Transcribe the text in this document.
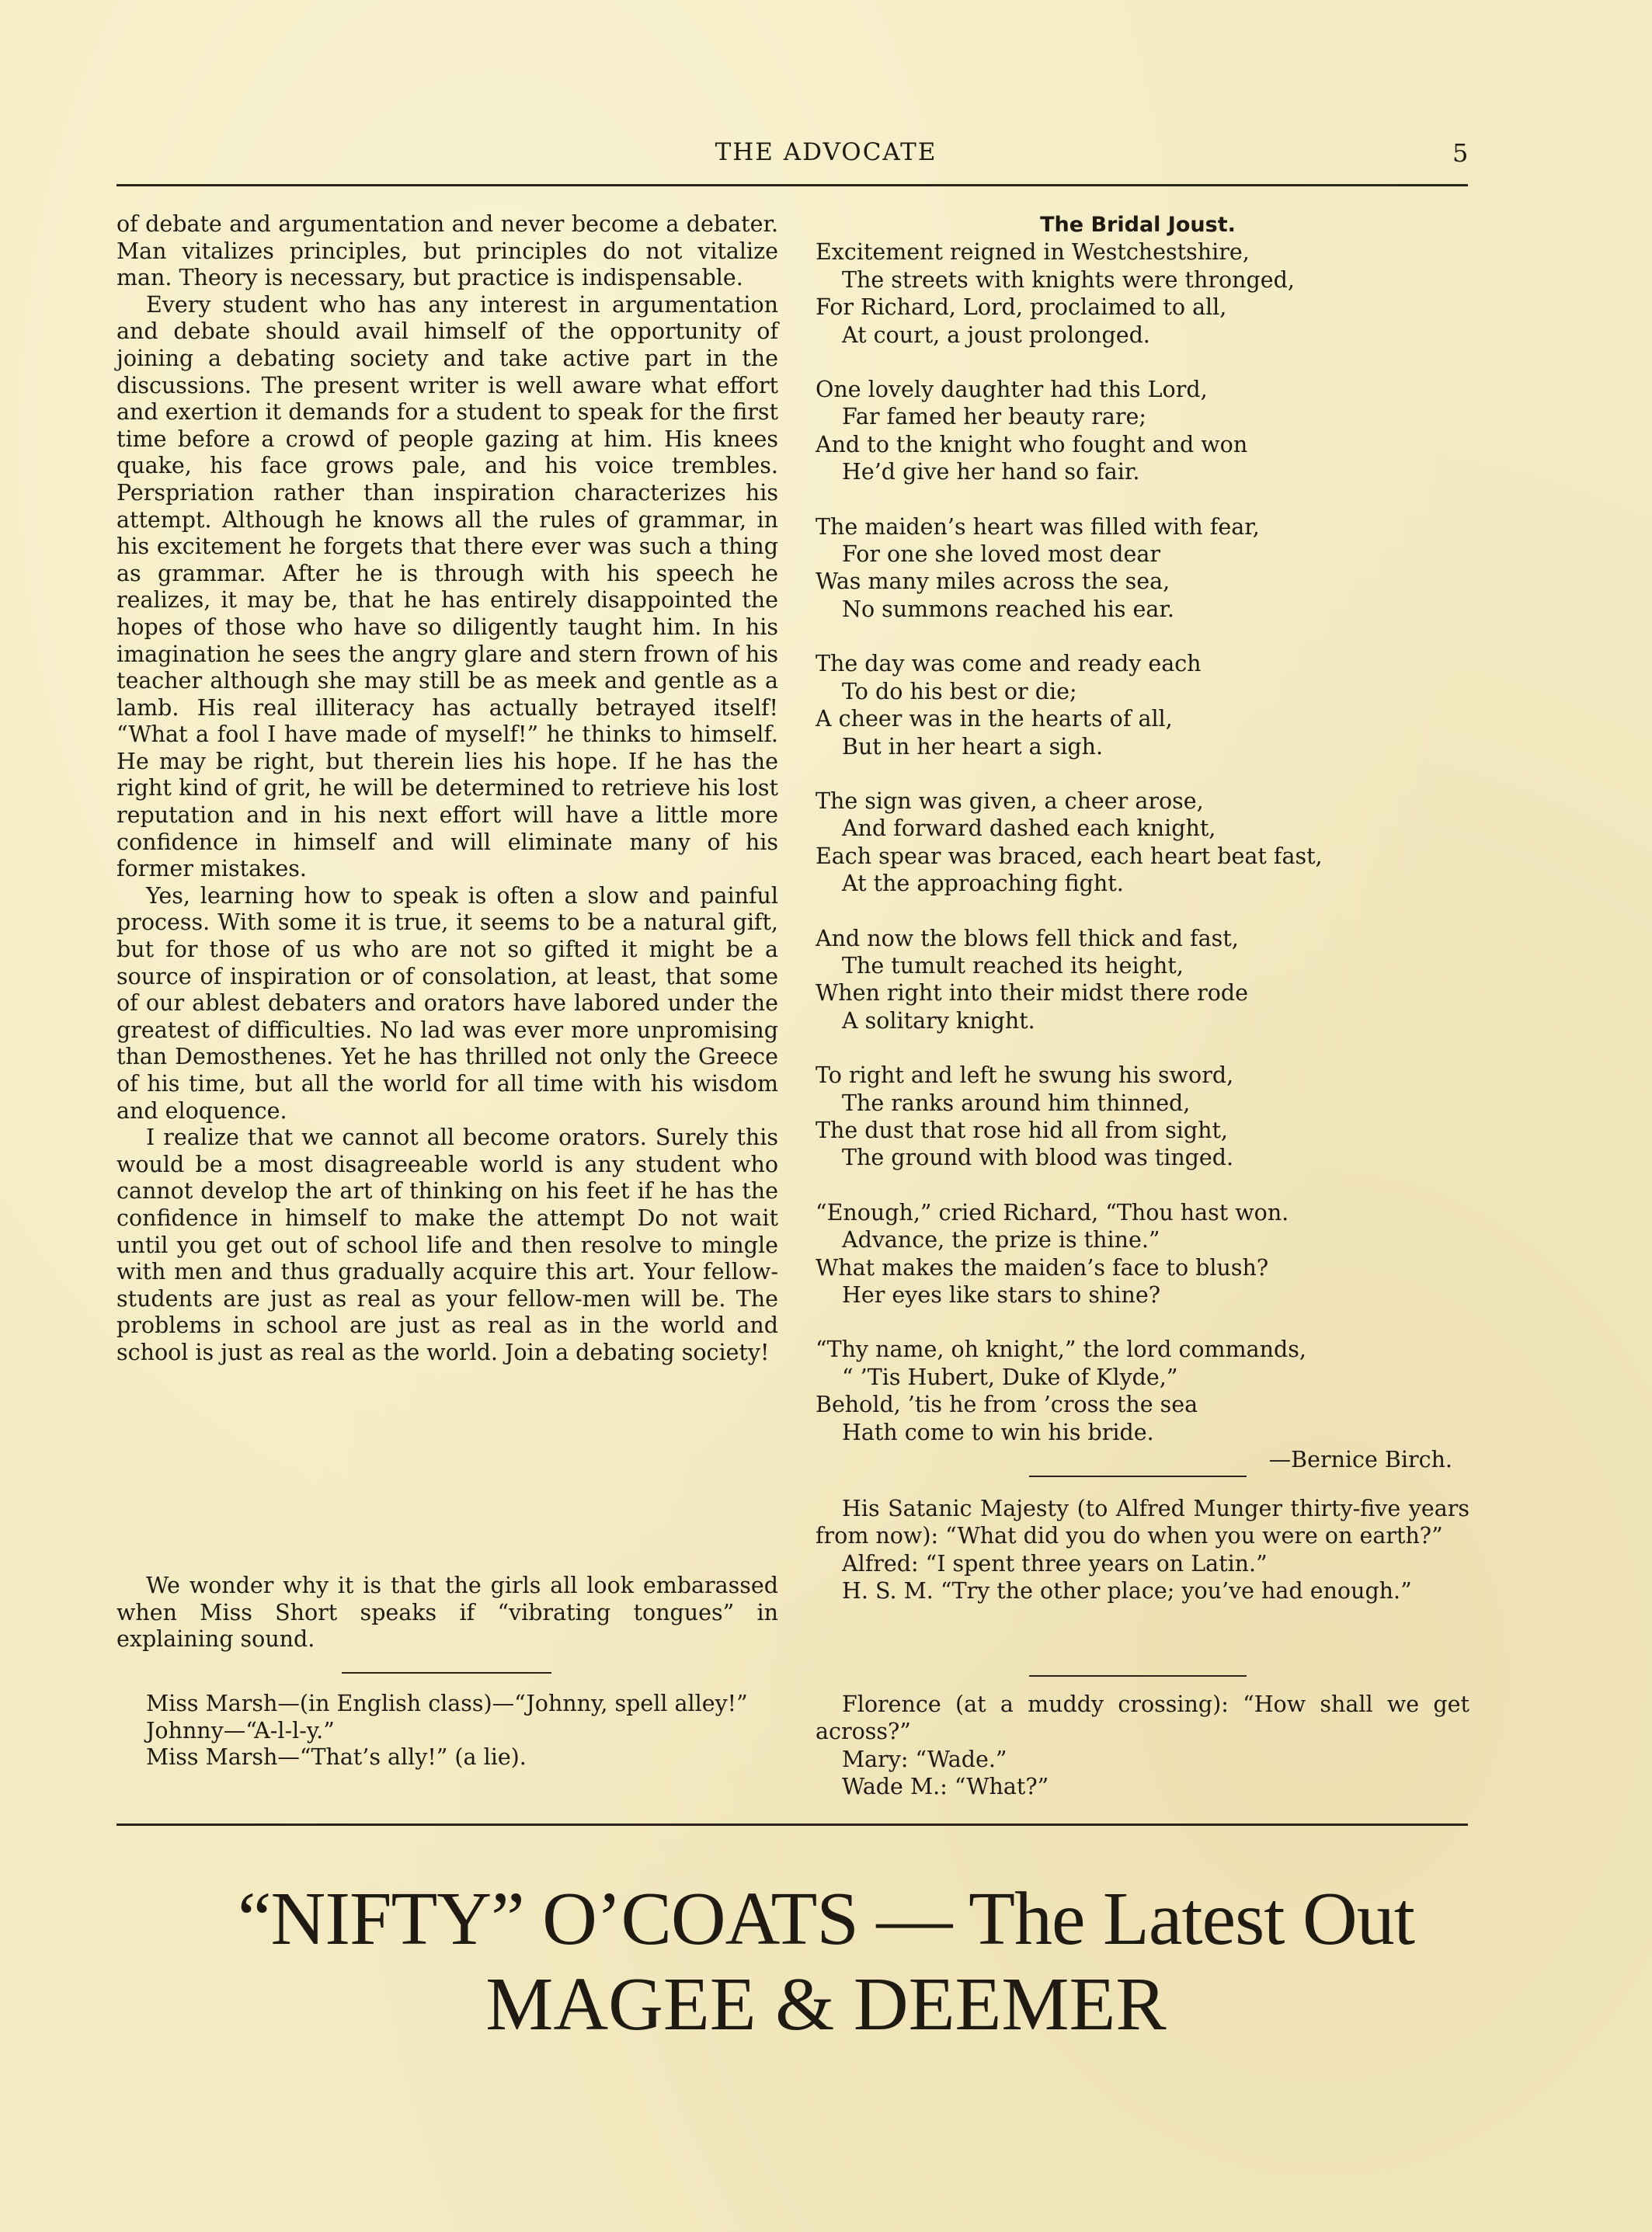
THE ADVOCATE	5

of debate and argumentation and never become a debater. Man vitalizes principles, but principles do not vitalize man. Theory is necessary, but practice is indispensable.

Every student who has any interest in argumentation and debate should avail himself of the opportunity of joining a debating society and take active part in the discussions. The present writer is well aware what effort and exertion it demands for a student to speak for the first time before a crowd of people gazing at him. His knees quake, his face grows pale, and his voice trembles. Perspriation rather than inspiration characterizes his attempt. Although he knows all the rules of grammar, in his excitement he forgets that there ever was such a thing as grammar. After he is through with his speech he realizes, it may be, that he has entirely disappointed the hopes of those who have so diligently taught him. In his imagination he sees the angry glare and stern frown of his teacher although she may still be as meek and gentle as a lamb. His real illiteracy has actually betrayed itself! “What a fool I have made of myself!” he thinks to himself. He may be right, but therein lies his hope. If he has the right kind of grit, he will be determined to retrieve his lost reputation and in his next effort will have a little more confidence in himself and will eliminate many of his former mistakes.

Yes, learning how to speak is often a slow and painful process. With some it is true, it seems to be a natural gift, but for those of us who are not so gifted it might be a source of inspiration or of consolation, at least, that some of our ablest debaters and orators have labored under the greatest of difficulties. No lad was ever more unpromising than Demosthenes. Yet he has thrilled not only the Greece of his time, but all the world for all time with his wisdom and eloquence.

I realize that we cannot all become orators. Surely this would be a most disagreeable world is any student who cannot develop the art of thinking on his feet if he has the confidence in himself to make the attempt Do not wait until you get out of school life and then resolve to mingle with men and thus gradually acquire this art. Your fellow-students are just as real as your fellow-men will be. The problems in school are just as real as in the world and school is just as real as the world. Join a debating society!

We wonder why it is that the girls all look embarassed when Miss Short speaks if “vibrating tongues” in explaining sound.

Miss Marsh—(in English class)—“Johnny, spell alley!”

Johnny—“A-l-l-y.”

Miss Marsh—“That’s ally!” (a lie).

The Bridal Joust.

Excitement reigned in Westchestshire,
The streets with knights were thronged,
For Richard, Lord, proclaimed to all,
At court, a joust prolonged.
One lovely daughter had this Lord,
Far famed her beauty rare;
And to the knight who fought and won
He’d give her hand so fair.
The maiden’s heart was filled with fear,
For one she loved most dear
Was many miles across the sea,
No summons reached his ear.
The day was come and ready each
To do his best or die;
A cheer was in the hearts of all,
But in her heart a sigh.
The sign was given, a cheer arose,
And forward dashed each knight,
Each spear was braced, each heart beat fast,
At the approaching fight.
And now the blows fell thick and fast,
The tumult reached its height,
When right into their midst there rode
A solitary knight.
To right and left he swung his sword,
The ranks around him thinned,
The dust that rose hid all from sight,
The ground with blood was tinged.
“Enough,” cried Richard, “Thou hast won.
Advance, the prize is thine.”
What makes the maiden’s face to blush?
Her eyes like stars to shine?
“Thy name, oh knight,” the lord commands,
“ ’Tis Hubert, Duke of Klyde,”
Behold, ’tis he from ’cross the sea
Hath come to win his bride.
—Bernice Birch.

His Satanic Majesty (to Alfred Munger thirty-five years from now): “What did you do when you were on earth?”

Alfred: “I spent three years on Latin.”

H. S. M. “Try the other place; you’ve had enough.”

Florence (at a muddy crossing): “How shall we get across?”

Mary: “Wade.”

Wade M.: “What?”

“NIFTY” O’COATS — The Latest Out
MAGEE & DEEMER
